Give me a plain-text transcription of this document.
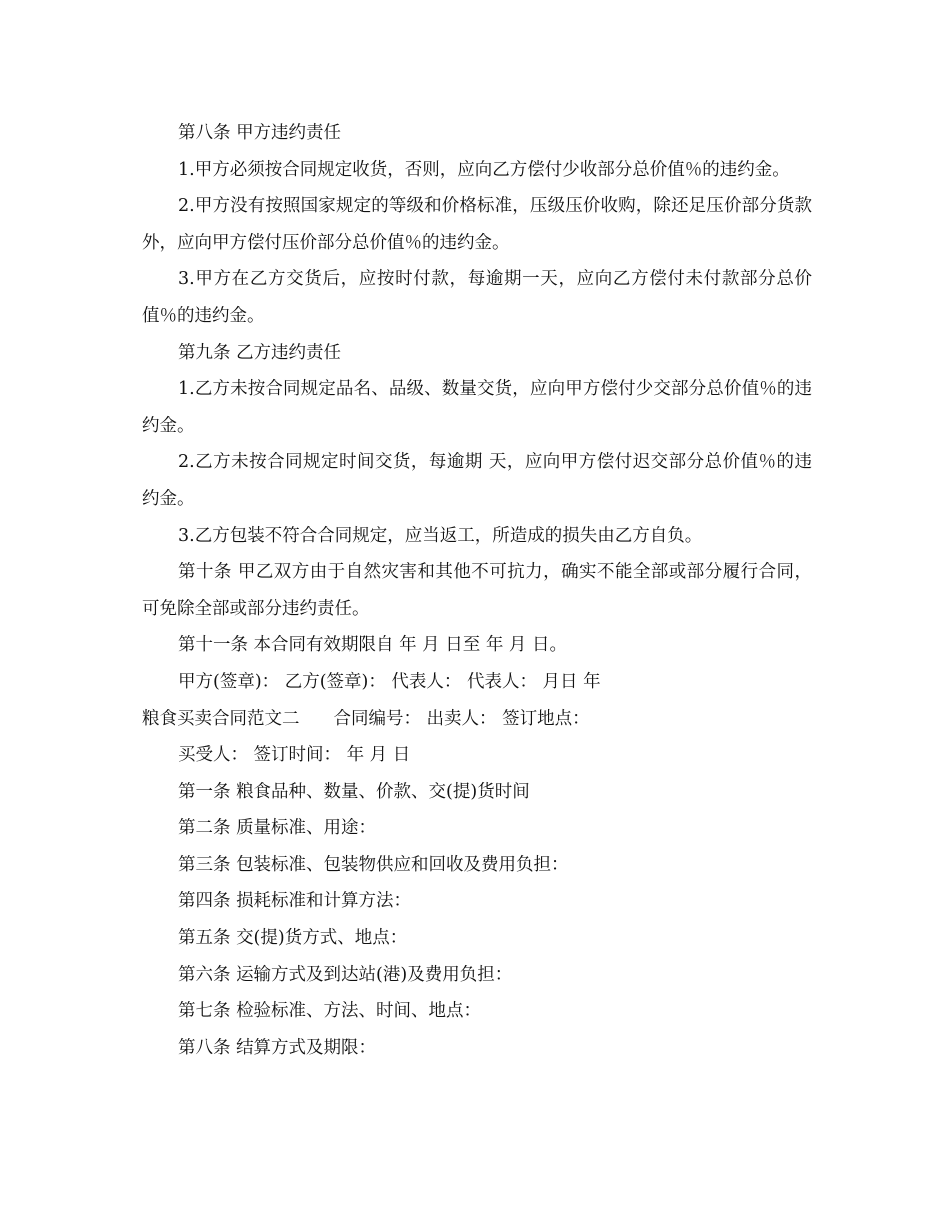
第八条 甲方违约责任

1.甲方必须按合同规定收货，否则，应向乙方偿付少收部分总价值％的违约金。

2.甲方没有按照国家规定的等级和价格标准，压级压价收购，除还足压价部分货款外，应向甲方偿付压价部分总价值％的违约金。

3.甲方在乙方交货后，应按时付款，每逾期一天，应向乙方偿付未付款部分总价值％的违约金。

第九条 乙方违约责任

1.乙方未按合同规定品名、品级、数量交货，应向甲方偿付少交部分总价值％的违约金。

2.乙方未按合同规定时间交货，每逾期 天，应向甲方偿付迟交部分总价值％的违约金。

3.乙方包装不符合合同规定，应当返工，所造成的损失由乙方自负。

第十条 甲乙双方由于自然灾害和其他不可抗力，确实不能全部或部分履行合同，可免除全部或部分违约责任。

第十一条 本合同有效期限自 年 月 日至 年 月 日。

甲方(签章)： 乙方(签章)： 代表人： 代表人： 月日 年

粮食买卖合同范文二 合同编号： 出卖人： 签订地点：

买受人： 签订时间： 年 月 日

第一条 粮食品种、数量、价款、交(提)货时间

第二条 质量标准、用途：

第三条 包装标准、包装物供应和回收及费用负担：

第四条 损耗标准和计算方法：

第五条 交(提)货方式、地点：

第六条 运输方式及到达站(港)及费用负担：

第七条 检验标准、方法、时间、地点：

第八条 结算方式及期限：
